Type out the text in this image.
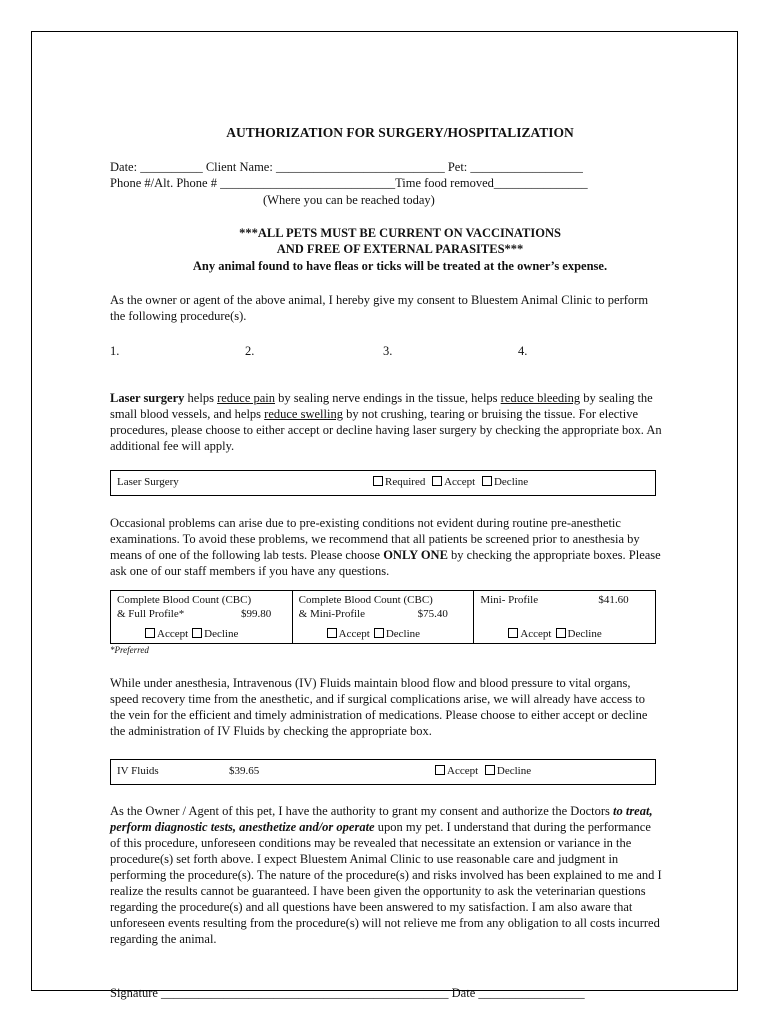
AUTHORIZATION FOR SURGERY/HOSPITALIZATION
Date: __________ Client Name: ___________________________ Pet: __________________
Phone #/Alt. Phone # ____________________________Time food removed_______________
(Where you can be reached today)
***ALL PETS MUST BE CURRENT ON VACCINATIONS
AND FREE OF EXTERNAL PARASITES***
Any animal found to have fleas or ticks will be treated at the owner’s expense.
As the owner or agent of the above animal, I hereby give my consent to Bluestem Animal Clinic to perform the following procedure(s).
1.	2.	3.	4.
Laser surgery helps reduce pain by sealing nerve endings in the tissue, helps reduce bleeding by sealing the small blood vessels, and helps reduce swelling by not crushing, tearing or bruising the tissue. For elective procedures, please choose to either accept or decline having laser surgery by checking the appropriate box. An additional fee will apply.
Laser Surgery	Required Accept Decline
Occasional problems can arise due to pre-existing conditions not evident during routine pre-anesthetic examinations. To avoid these problems, we recommend that all patients be screened prior to anesthesia by means of one of the following lab tests. Please choose ONLY ONE by checking the appropriate boxes. Please ask one of our staff members if you have any questions.
Complete Blood Count (CBC)
& Full Profile*	$99.80
Accept Decline
Complete Blood Count (CBC)
& Mini-Profile	$75.40
Accept Decline
Mini- Profile	$41.60
Accept Decline
*Preferred
While under anesthesia, Intravenous (IV) Fluids maintain blood flow and blood pressure to vital organs, speed recovery time from the anesthetic, and if surgical complications arise, we will already have access to the vein for the efficient and timely administration of medications. Please choose to either accept or decline the administration of IV Fluids by checking the appropriate box.
IV Fluids	$39.65	Accept Decline
As the Owner / Agent of this pet, I have the authority to grant my consent and authorize the Doctors to treat, perform diagnostic tests, anesthetize and/or operate upon my pet. I understand that during the performance of this procedure, unforeseen conditions may be revealed that necessitate an extension or variance in the procedure(s) set forth above. I expect Bluestem Animal Clinic to use reasonable care and judgment in performing the procedure(s). The nature of the procedure(s) and risks involved has been explained to me and I realize the results cannot be guaranteed. I have been given the opportunity to ask the veterinarian questions regarding the procedure(s) and all questions have been answered to my satisfaction. I am also aware that unforeseen events resulting from the procedure(s) will not relieve me from any obligation to all costs incurred regarding the animal.
Signature ______________________________________________ Date _________________
